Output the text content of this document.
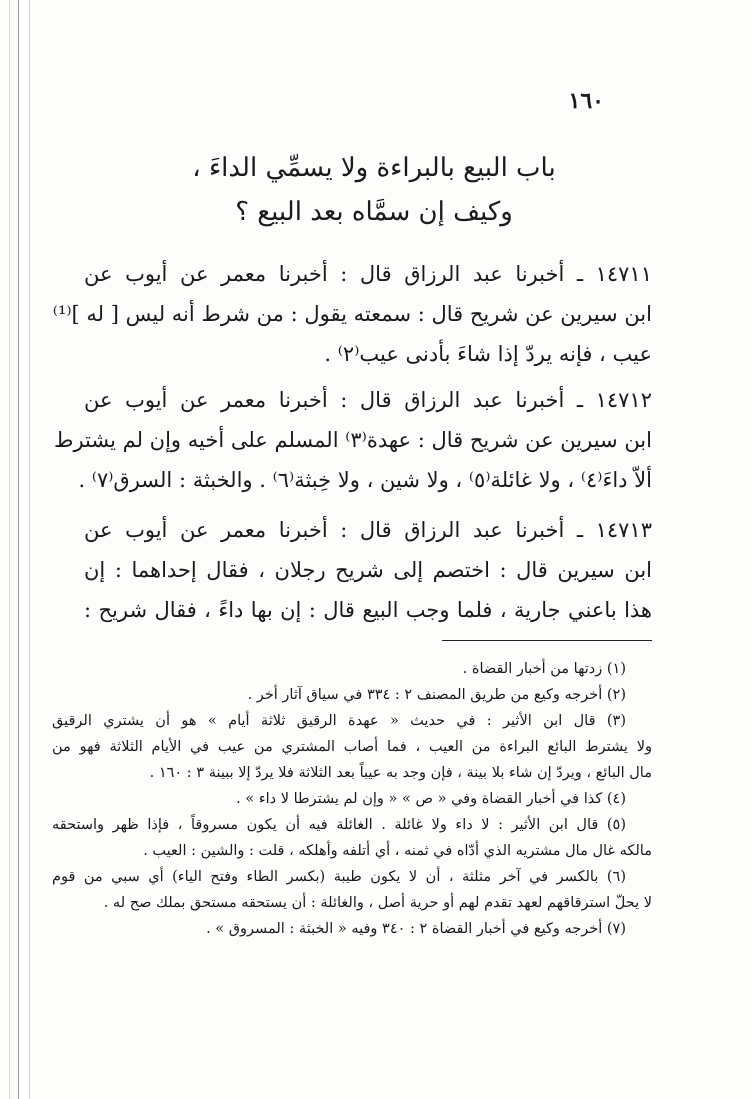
١٦٠
باب البيع بالبراءة ولا يسمِّي الداءَ ،
وكيف إن سمَّاه بعد البيع ؟
١٤٧١١ ـ أخبرنا عبد الرزاق قال : أخبرنا معمر عن أيوب عن
ابن سيرين عن شريح قال : سمعته يقول : من شرط أنه ليس [ له ]⁽¹⁾
عيب ، فإنه يردّ إذا شاءَ بأدنى عيب⁽٢⁾ .
١٤٧١٢ ـ أخبرنا عبد الرزاق قال : أخبرنا معمر عن أيوب عن
ابن سيرين عن شريح قال : عهدة⁽٣⁾ المسلم على أخيه وإن لم يشترط
ألاّ داءَ⁽٤⁾ ، ولا غائلة⁽٥⁾ ، ولا شين ، ولا خِبثة⁽٦⁾ . والخبثة : السرق⁽٧⁾ .
١٤٧١٣ ـ أخبرنا عبد الرزاق قال : أخبرنا معمر عن أيوب عن
ابن سيرين قال : اختصم إلى شريح رجلان ، فقال إحداهما : إن
هذا باعني جارية ، فلما وجب البيع قال : إن بها داءً ، فقال شريح :
(١) زدتها من أخبار القضاة .
(٢) أخرجه وكيع من طريق المصنف ٢ : ٣٣٤ في سياق آثار أخر .
(٣) قال ابن الأثير : في حديث « عهدة الرقيق ثلاثة أيام » هو أن يشتري الرقيق
ولا يشترط البائع البراءة من العيب ، فما أصاب المشتري من عيب في الأيام الثلاثة فهو من
مال البائع ، ويردّ إن شاء بلا بينة ، فإن وجد به عيباً بعد الثلاثة فلا يردّ إلا ببينة ٣ : ١٦٠ .
(٤) كذا في أخبار القضاة وفي « ص » « وإن لم يشترطا لا داء » .
(٥) قال ابن الأثير : لا داء ولا غائلة . الغائلة فيه أن يكون مسروقاً ، فإذا ظهر واستحقه
مالكه غال مال مشتريه الذي أدّاه في ثمنه ، أي أتلفه وأهلكه ، قلت : والشين : العيب .
(٦) بالكسر في آخر مثلثة ، أن لا يكون طيبة (بكسر الطاء وفتح الياء) أي سبي من قوم
لا يحلّ استرقاقهم لعهد تقدم لهم أو حرية أصل ، والغائلة : أن يستحقه مستحق بملك صح له .
(٧) أخرجه وكيع في أخبار القضاة ٢ : ٣٤٠ وفيه « الخبثة : المسروق » .
